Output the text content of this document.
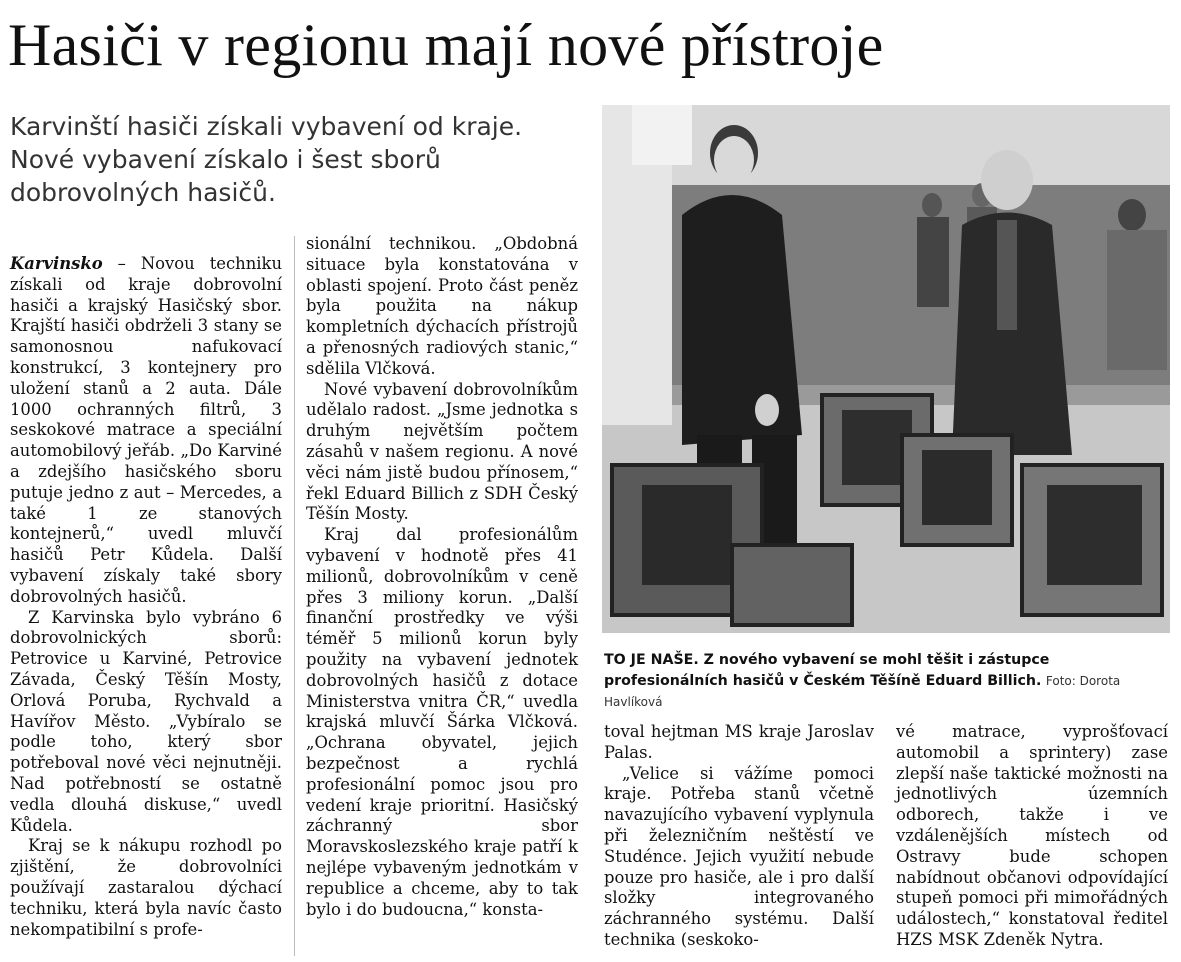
Hasiči v regionu mají nové přístroje
Karvinští hasiči získali vybavení od kraje. Nové vybavení získalo i šest sborů dobrovolných hasičů.

Karvinsko – Novou techniku získali od kraje dobrovolní hasiči a krajský Hasičský sbor. Krajští hasiči obdrželi 3 stany se samonosnou nafukovací konstrukcí, 3 kontejnery pro uložení stanů a 2 auta. Dále 1000 ochranných filtrů, 3 seskokové matrace a speciální automobilový jeřáb. „Do Karviné a zdejšího hasičského sboru putuje jedno z aut – Mercedes, a také 1 ze stanových kontejnerů,“ uvedl mluvčí hasičů Petr Kůdela. Další vybavení získaly také sbory dobrovolných hasičů.

Z Karvinska bylo vybráno 6 dobrovolnických sborů: Petrovice u Karviné, Petrovice Závada, Český Těšín Mosty, Orlová Poruba, Rychvald a Havířov Město. „Vybíralo se podle toho, který sbor potřeboval nové věci nejnutněji. Nad potřebností se ostatně vedla dlouhá diskuse,“ uvedl Kůdela.

Kraj se k nákupu rozhodl po zjištění, že dobrovolníci používají zastaralou dýchací techniku, která byla navíc často nekompatibilní s profe-

sionální technikou. „Obdobná situace byla konstatována v oblasti spojení. Proto část peněz byla použita na nákup kompletních dýchacích přístrojů a přenosných radiových stanic,“ sdělila Vlčková.

Nové vybavení dobrovolníkům udělalo radost. „Jsme jednotka s druhým největším počtem zásahů v našem regionu. A nové věci nám jistě budou přínosem,“ řekl Eduard Billich z SDH Český Těšín Mosty.

Kraj dal profesionálům vybavení v hodnotě přes 41 milionů, dobrovolníkům v ceně přes 3 miliony korun. „Další finanční prostředky ve výši téměř 5 milionů korun byly použity na vybavení jednotek dobrovolných hasičů z dotace Ministerstva vnitra ČR,“ uvedla krajská mluvčí Šárka Vlčková. „Ochrana obyvatel, jejich bezpečnost a rychlá profesionální pomoc jsou pro vedení kraje prioritní. Hasičský záchranný sbor Moravskoslezského kraje patří k nejlépe vybaveným jednotkám v republice a chceme, aby to tak bylo i do budoucna,“ konsta-

TO JE NAŠE. Z nového vybavení se mohl těšit i zástupce profesionálních hasičů v Českém Těšíně Eduard Billich. Foto: Dorota Havlíková

toval hejtman MS kraje Jaroslav Palas.

„Velice si vážíme pomoci kraje. Potřeba stanů včetně navazujícího vybavení vyplynula při železničním neštěstí ve Studénce. Jejich využití nebude pouze pro hasiče, ale i pro další složky integrovaného záchranného systému. Další technika (seskoko-

vé matrace, vyprošťovací automobil a sprintery) zase zlepší naše taktické možnosti na jednotlivých územních odborech, takže i ve vzdálenějších místech od Ostravy bude schopen nabídnout občanovi odpovídající stupeň pomoci při mimořádných událostech,“ konstatoval ředitel HZS MSK Zdeněk Nytra.
